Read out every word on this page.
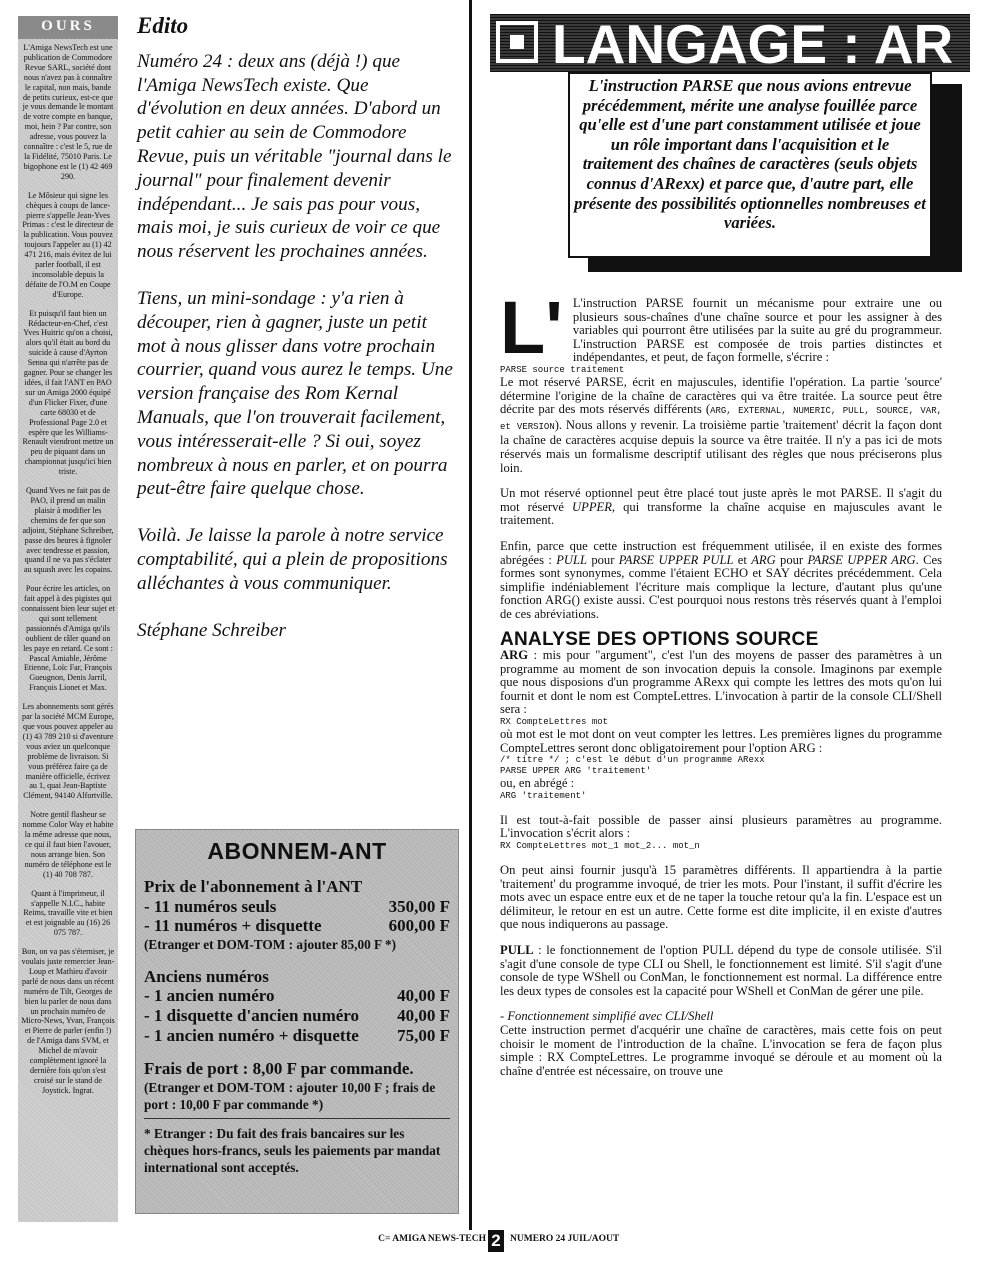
OURS

L'Amiga NewsTech est une publication de Commodore Revue SARL, société dont nous n'avez pas à connaître le capital, non mais, bande de petits curieux, est-ce que je vous demande le montant de votre compte en banque, moi, hein ? Par contre, son adresse, vous pouvez la connaître : c'est le 5, rue de la Fidélité, 75010 Paris. Le bigophone est le (1) 42 469 290.

Le Môsieur qui signe les chèques à coups de lance-pierre s'appelle Jean-Yves Primas : c'est le directeur de la publication. Vous pouvez toujours l'appeler au (1) 42 471 216, mais évitez de lui parler football, il est inconsolable depuis la défaite de l'O.M en Coupe d'Europe.

Et puisqu'il faut bien un Rédacteur-en-Chef, c'est Yves Huitric qu'on a choisi, alors qu'il était au bord du suicide à cause d'Ayrton Senna qui n'arrête pas de gagner. Pour se changer les idées, il fait l'ANT en PAO sur un Amiga 2000 équipé d'un Flicker Fixer, d'une carte 68030 et de Professional Page 2.0 et espère que les Williams-Renault viendront mettre un peu de piquant dans un championnat jusqu'ici bien triste.

Quand Yves ne fait pas de PAO, il prend un malin plaisir à modifier les chemins de fer que son adjoint, Stéphane Schreiber, passe des heures à fignoler avec tendresse et passion, quand il ne va pas s'éclater au squash avec les copains.

Pour écrire les articles, on fait appel à des pigistes qui connaissent bien leur sujet et qui sont tellement passionnés d'Amiga qu'ils oublient de râler quand on les paye en retard. Ce sont : Pascal Amiable, Jérôme Etienne, Loïc Far, François Gueugnon, Denis Jarril, François Lionet et Max.

Les abonnements sont gérés par la société MCM Europe, que vous pouvez appeler au (1) 43 789 210 si d'aventure vous aviez un quelconque problème de livraison. Si vous préférez faire ça de manière officielle, écrivez au 1, quai Jean-Baptiste Clément, 94140 Alfortville.

Notre gentil flasheur se nomme Color Way et habite la même adresse que nous, ce qui il faut bien l'avouer, nous arrange bien. Son numéro de téléphone est le (1) 40 708 787.

Quant à l'imprimeur, il s'appelle N.I.C., habite Reims, travaille vite et bien et est joignable au (16) 26 075 787.

Bon, on va pas s'éterniser, je voulais juste remercier Jean-Loup et Mathieu d'avoir parlé de nous dans un récent numéro de Tilt, Georges de bien lu parler de nous dans un prochain numéro de Micro-News, Yvan, François et Pierre de parler (enfin !) de l'Amiga dans SVM, et Michel de m'avoir complètement ignoré la dernière fois qu'on s'est croisé sur le stand de Joystick. Ingrat.

Edito

Numéro 24 : deux ans (déjà !) que l'Amiga NewsTech existe. Que d'évolution en deux années. D'abord un petit cahier au sein de Commodore Revue, puis un véritable "journal dans le journal" pour finalement devenir indépendant... Je sais pas pour vous, mais moi, je suis curieux de voir ce que nous réservent les prochaines années.

Tiens, un mini-sondage : y'a rien à découper, rien à gagner, juste un petit mot à nous glisser dans votre prochain courrier, quand vous aurez le temps. Une version française des Rom Kernal Manuals, que l'on trouverait facilement, vous intéresserait-elle ? Si oui, soyez nombreux à nous en parler, et on pourra peut-être faire quelque chose.

Voilà. Je laisse la parole à notre service comptabilité, qui a plein de propositions alléchantes à vous communiquer.

Stéphane Schreiber

ABONNEM-ANT
Prix de l'abonnement à l'ANT
- 11 numéros seuls	350,00 F
- 11 numéros + disquette	600,00 F
(Etranger et DOM-TOM : ajouter 85,00 F *)
Anciens numéros
- 1 ancien numéro	40,00 F
- 1 disquette d'ancien numéro 40,00 F
- 1 ancien numéro + disquette 75,00 F
Frais de port : 8,00 F par commande.
(Etranger et DOM-TOM : ajouter 10,00 F ; frais de port : 10,00 F par commande *)
* Etranger : Du fait des frais bancaires sur les chèques hors-francs, seuls les paiements par mandat international sont acceptés.
LANGAGE : AR
L'instruction PARSE que nous avions entrevue précédemment, mérite une analyse fouillée parce qu'elle est d'une part constamment utilisée et joue un rôle important dans l'acquisition et le traitement des chaînes de caractères (seuls objets connus d'ARexx) et parce que, d'autre part, elle présente des possibilités optionnelles nombreuses et variées.
L' L'instruction PARSE fournit un mécanisme pour extraire une ou plusieurs sous-chaînes d'une chaîne source et pour les assigner à des variables qui pourront être utilisées par la suite au gré du programmeur. L'instruction PARSE est composée de trois parties distinctes et indépendantes, et peut, de façon formelle, s'écrire :

PARSE source traitement

Le mot réservé PARSE, écrit en majuscules, identifie l'opération. La partie 'source' détermine l'origine de la chaîne de caractères qui va être traitée. La source peut être décrite par des mots réservés différents (ARG, EXTERNAL, NUMERIC, PULL, SOURCE, VAR, et VERSION). Nous allons y revenir. La troisième partie 'traitement' décrit la façon dont la chaîne de caractères acquise depuis la source va être traitée. Il n'y a pas ici de mots réservés mais un formalisme descriptif utilisant des règles que nous préciserons plus loin.

Un mot réservé optionnel peut être placé tout juste après le mot PARSE. Il s'agit du mot réservé UPPER, qui transforme la chaîne acquise en majuscules avant le traitement.

Enfin, parce que cette instruction est fréquemment utilisée, il en existe des formes abrégées : PULL pour PARSE UPPER PULL et ARG pour PARSE UPPER ARG. Ces formes sont synonymes, comme l'étaient ECHO et SAY décrites précédemment. Cela simplifie indéniablement l'écriture mais complique la lecture, d'autant plus qu'une fonction ARG() existe aussi. C'est pourquoi nous restons très réservés quant à l'emploi de ces abréviations.

ANALYSE DES OPTIONS SOURCE

ARG : mis pour "argument", c'est l'un des moyens de passer des paramètres à un programme au moment de son invocation depuis la console. Imaginons par exemple que nous disposions d'un programme ARexx qui compte les lettres des mots qu'on lui fournit et dont le nom est CompteLettres. L'invocation à partir de la console CLI/Shell sera :

RX CompteLettres mot

où mot est le mot dont on veut compter les lettres. Les premières lignes du programme CompteLettres seront donc obligatoirement pour l'option ARG :

/* titre */ ; c'est le début d'un programme ARexx
PARSE UPPER ARG 'traitement'

ou, en abrégé :

ARG 'traitement'

Il est tout-à-fait possible de passer ainsi plusieurs paramètres au programme. L'invocation s'écrit alors :

RX CompteLettres mot_1 mot_2... mot_n

On peut ainsi fournir jusqu'à 15 paramètres différents. Il appartiendra à la partie 'traitement' du programme invoqué, de trier les mots. Pour l'instant, il suffit d'écrire les mots avec un espace entre eux et de ne taper la touche retour qu'a la fin. L'espace est un délimiteur, le retour en est un autre. Cette forme est dite implicite, il en existe d'autres que nous indiquerons au passage.

PULL : le fonctionnement de l'option PULL dépend du type de console utilisée. S'il s'agit d'une console de type CLI ou Shell, le fonctionnement est limité. S'il s'agit d'une console de type WShell ou ConMan, le fonctionnement est normal. La différence entre les deux types de consoles est la capacité pour WShell et ConMan de gérer une pile.

- Fonctionnement simplifié avec CLI/Shell

Cette instruction permet d'acquérir une chaîne de caractères, mais cette fois on peut choisir le moment de l'introduction de la chaîne. L'invocation se fera de façon plus simple : RX CompteLettres. Le programme invoqué se déroule et au moment où la chaîne d'entrée est nécessaire, on trouve une

C= AMIGA NEWS-TECH 2 NUMERO 24 JUIL/AOUT
